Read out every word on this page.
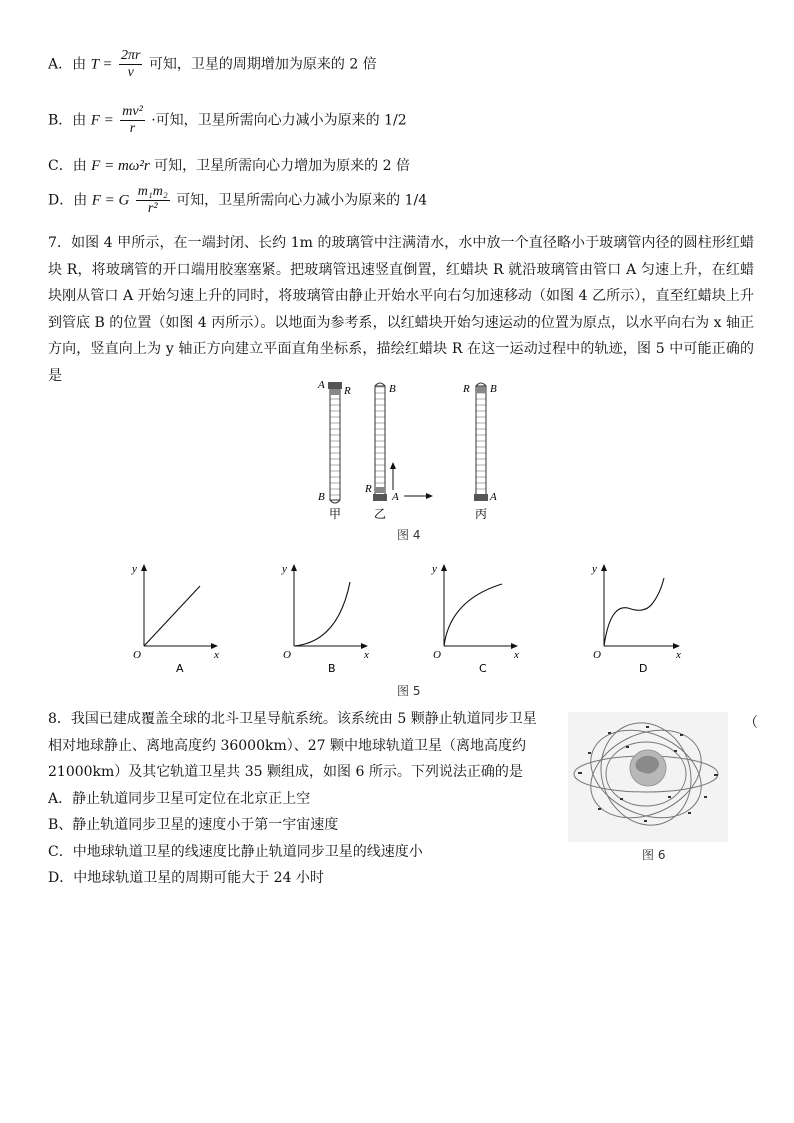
A．由 $T = \frac{2\pi r}{v}$ 可知，卫星的周期增加为原来的 2 倍
B．由 $F = \frac{\text{mv²}}{r}$ ·可知，卫星所需向心力减小为原来的 1/2
C．由 F = mω²r 可知，卫星所需向心力增加为原来的 2 倍
D．由 F = G $\frac{\text{m₁m₂}}{\text{r²}}$ 可知，卫星所需向心力减小为原来的 1/4
7．如图 4 甲所示，在一端封闭、长约 1m 的玻璃管中注满清水，水中放一个直径略小于玻璃管内径的圆柱形红蜡块 R，将玻璃管的开口端用胶塞塞紧。把玻璃管迅速竖直倒置，红蜡块 R 就沿玻璃管由管口 A 匀速上升，在红蜡块刚从管口 A 开始匀速上升的同时，将玻璃管由静止开始水平向右匀加速移动（如图 4 乙所示），直至红蜡块上升到管底 B 的位置（如图 4 丙所示）。以地面为参考系，以红蜡块开始匀速运动的位置为原点，以水平向右为 x 轴正方向，竖直向上为 y 轴正方向建立平面直角坐标系，描绘红蜡块 R 在这一运动过程中的轨迹，图 5 中可能正确的是
A R
B
B
R
A
R B
A
甲	乙	丙
图 4
y
x
O
A
y
x
O
B
y
x
O
C
y
x
O
D
图 5
8．我国已建成覆盖全球的北斗卫星导航系统。该系统由 5 颗静止轨道同步卫星
相对地球静止、离地高度约 36000km）、27 颗中地球轨道卫星（离地高度约
21000km）及其它轨道卫星共 35 颗组成，如图 6 所示。下列说法正确的是
A．静止轨道同步卫星可定位在北京正上空
B、静止轨道同步卫星的速度小于第一宇宙速度
C．中地球轨道卫星的线速度比静止轨道同步卫星的线速度小
D．中地球轨道卫星的周期可能大于 24 小时
（
图 6
